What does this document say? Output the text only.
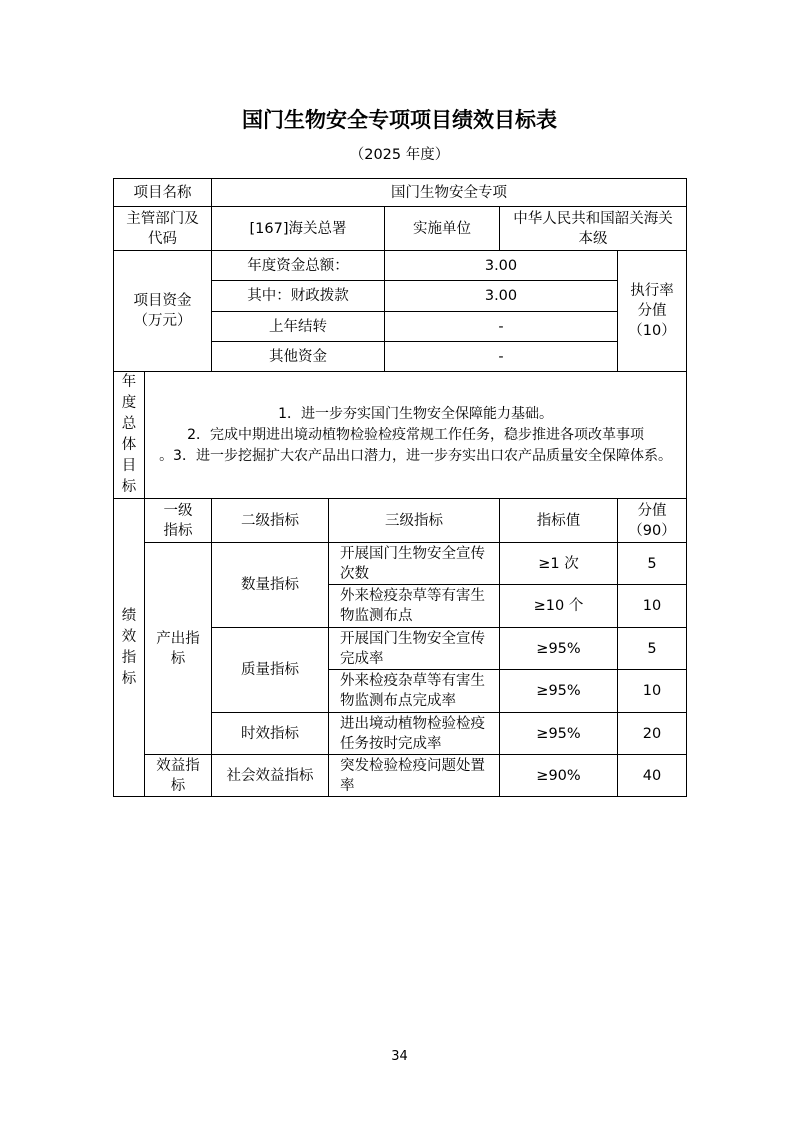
国门生物安全专项项目绩效目标表
（2025 年度）
项目名称		国门生物安全专项				
主管部门及代码		[167]海关总署		实施单位	中华人民共和国韶关海关本级	
项目资金（万元）		年度资金总额：		3.00		执行率分值（10）
		其中：财政拨款		3.00		
		上年结转		-		
		其他资金		-		
年度总体目标	1．进一步夯实国门生物安全保障能力基础。
2．完成中期进出境动植物检验检疫常规工作任务，稳步推进各项改革事项
。3．进一步挖掘扩大农产品出口潜力，进一步夯实出口农产品质量安全保障体系。					

绩效指标	一级指标	二级指标	三级指标		指标值	分值（90）
	产出指标	数量指标	开展国门生物安全宣传次数		≥1 次	5
			外来检疫杂草等有害生物监测布点		≥10 个	10
		质量指标	开展国门生物安全宣传完成率		≥95%	5
			外来检疫杂草等有害生物监测布点完成率		≥95%	10
		时效指标	进出境动植物检验检疫任务按时完成率		≥95%	20
	效益指标	社会效益指标	突发检验检疫问题处置率		≥90%	40
34
